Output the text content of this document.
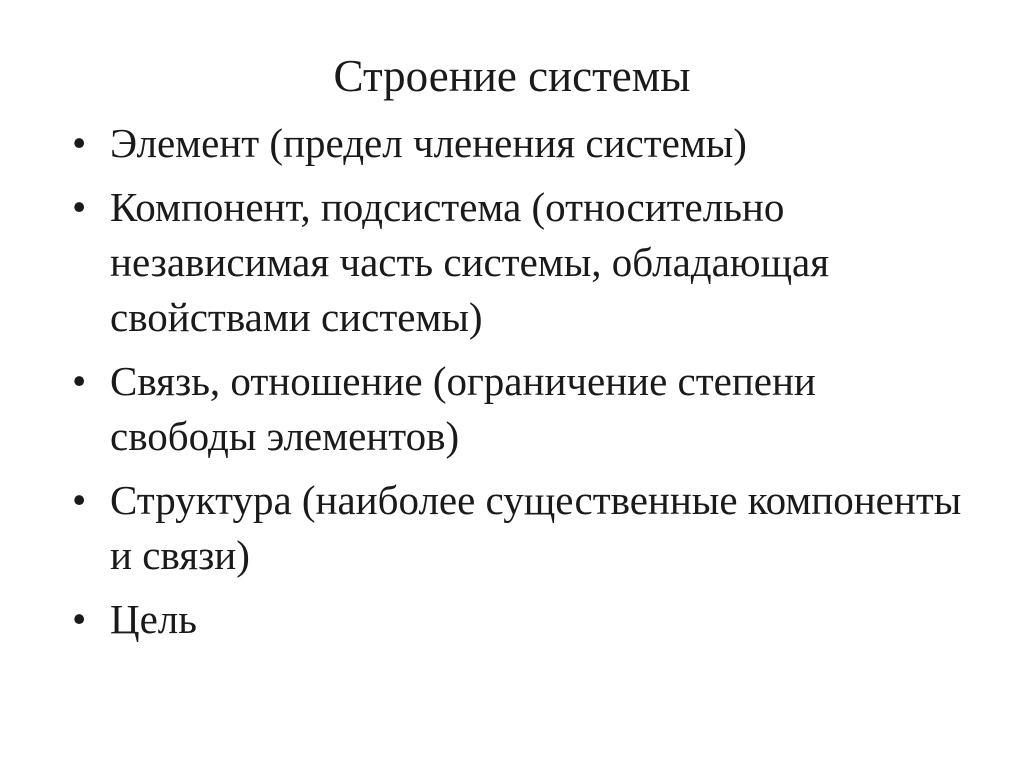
Строение системы
• Элемент (предел членения системы)
• Компонент, подсистема (относительно независимая часть системы, обладающая свойствами системы)
• Связь, отношение (ограничение степени свободы элементов)
• Структура (наиболее существенные компоненты и связи)
• Цель
